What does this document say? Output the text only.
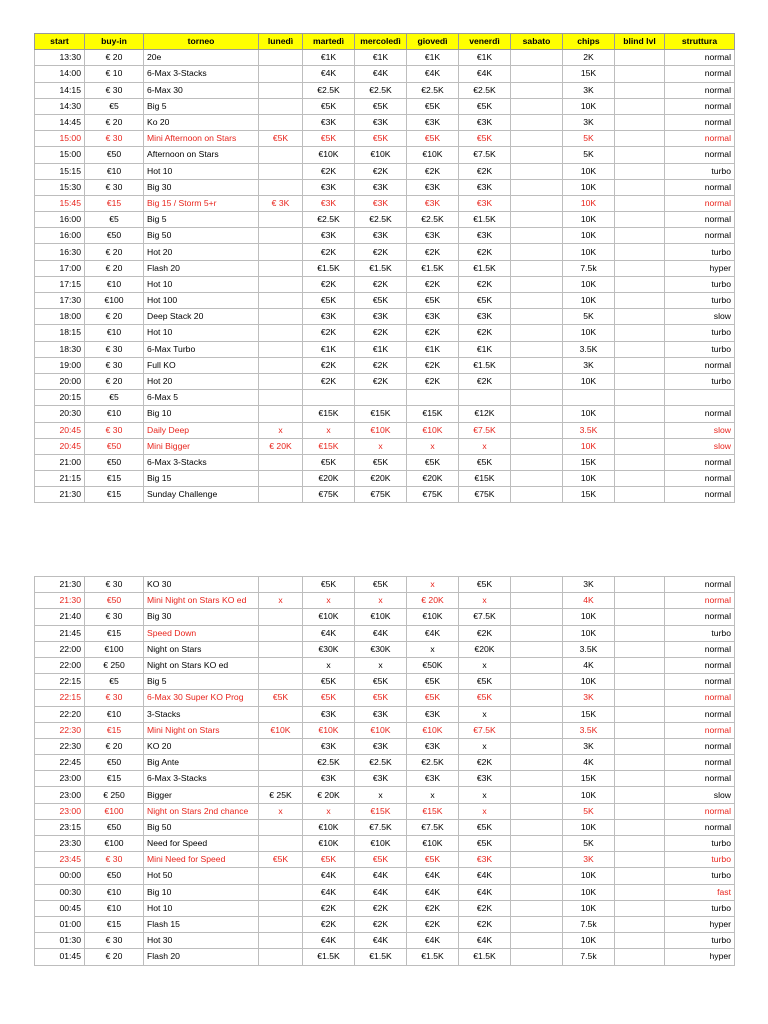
start	buy-in	torneo	lunedì	martedì	mercoledì	giovedì	venerdì	sabato	chips	blind lvl	struttura
13:30	€ 20	20e		€1K	€1K	€1K	€1K		2K		normal
14:00	€ 10	6-Max 3-Stacks		€4K	€4K	€4K	€4K		15K		normal
14:15	€ 30	6-Max 30		€2.5K	€2.5K	€2.5K	€2.5K		3K		normal
14:30	€5	Big 5		€5K	€5K	€5K	€5K		10K		normal
14:45	€ 20	Ko 20		€3K	€3K	€3K	€3K		3K		normal
15:00	€ 30	Mini Afternoon on Stars	€5K	€5K	€5K	€5K	€5K		5K		normal
15:00	€50	Afternoon on Stars		€10K	€10K	€10K	€7.5K		5K		normal
15:15	€10	Hot 10		€2K	€2K	€2K	€2K		10K		turbo
15:30	€ 30	Big 30		€3K	€3K	€3K	€3K		10K		normal
15:45	€15	Big 15 / Storm 5+r	€ 3K	€3K	€3K	€3K	€3K		10K		normal
16:00	€5	Big 5		€2.5K	€2.5K	€2.5K	€1.5K		10K		normal
16:00	€50	Big 50		€3K	€3K	€3K	€3K		10K		normal
16:30	€ 20	Hot 20		€2K	€2K	€2K	€2K		10K		turbo
17:00	€ 20	Flash 20		€1.5K	€1.5K	€1.5K	€1.5K		7.5k		hyper
17:15	€10	Hot 10		€2K	€2K	€2K	€2K		10K		turbo
17:30	€100	Hot 100		€5K	€5K	€5K	€5K		10K		turbo
18:00	€ 20	Deep Stack 20		€3K	€3K	€3K	€3K		5K		slow
18:15	€10	Hot 10		€2K	€2K	€2K	€2K		10K		turbo
18:30	€ 30	6-Max Turbo		€1K	€1K	€1K	€1K		3.5K		turbo
19:00	€ 30	Full KO		€2K	€2K	€2K	€1.5K		3K		normal
20:00	€ 20	Hot 20		€2K	€2K	€2K	€2K		10K		turbo
20:15	€5	6-Max 5									
20:30	€10	Big 10		€15K	€15K	€15K	€12K		10K		normal
20:45	€ 30	Daily Deep	x	x	€10K	€10K	€7.5K		3.5K		slow
20:45	€50	Mini Bigger	€ 20K	€15K	x	x	x		10K		slow
21:00	€50	6-Max 3-Stacks		€5K	€5K	€5K	€5K		15K		normal
21:15	€15	Big 15		€20K	€20K	€20K	€15K		10K		normal
21:30	€15	Sunday Challenge		€75K	€75K	€75K	€75K		15K		normal
21:30	€ 30	KO 30		€5K	€5K	x	€5K		3K		normal
21:30	€50	Mini Night on Stars KO ed	x	x	x	€ 20K	x		4K		normal
21:40	€ 30	Big 30		€10K	€10K	€10K	€7.5K		10K		normal
21:45	€15	Speed Down		€4K	€4K	€4K	€2K		10K		turbo
22:00	€100	Night on Stars		€30K	€30K	x	€20K		3.5K		normal
22:00	€ 250	Night on Stars KO ed		x	x	€50K	x		4K		normal
22:15	€5	Big 5		€5K	€5K	€5K	€5K		10K		normal
22:15	€ 30	6-Max 30 Super KO Prog	€5K	€5K	€5K	€5K	€5K		3K		normal
22:20	€10	3-Stacks		€3K	€3K	€3K	x		15K		normal
22:30	€15	Mini Night on Stars	€10K	€10K	€10K	€10K	€7.5K		3.5K		normal
22:30	€ 20	KO 20		€3K	€3K	€3K	x		3K		normal
22:45	€50	Big Ante		€2.5K	€2.5K	€2.5K	€2K		4K		normal
23:00	€15	6-Max 3-Stacks		€3K	€3K	€3K	€3K		15K		normal
23:00	€ 250	Bigger	€ 25K	€ 20K	x	x	x		10K		slow
23:00	€100	Night on Stars 2nd chance	x	x	€15K	€15K	x		5K		normal
23:15	€50	Big 50		€10K	€7.5K	€7.5K	€5K		10K		normal
23:30	€100	Need for Speed		€10K	€10K	€10K	€5K		5K		turbo
23:45	€ 30	Mini Need for Speed	€5K	€5K	€5K	€5K	€3K		3K		turbo
00:00	€50	Hot 50		€4K	€4K	€4K	€4K		10K		turbo
00:30	€10	Big 10		€4K	€4K	€4K	€4K		10K		fast
00:45	€10	Hot 10		€2K	€2K	€2K	€2K		10K		turbo
01:00	€15	Flash 15		€2K	€2K	€2K	€2K		7.5k		hyper
01:30	€ 30	Hot 30		€4K	€4K	€4K	€4K		10K		turbo
01:45	€ 20	Flash 20		€1.5K	€1.5K	€1.5K	€1.5K		7.5k		hyper
